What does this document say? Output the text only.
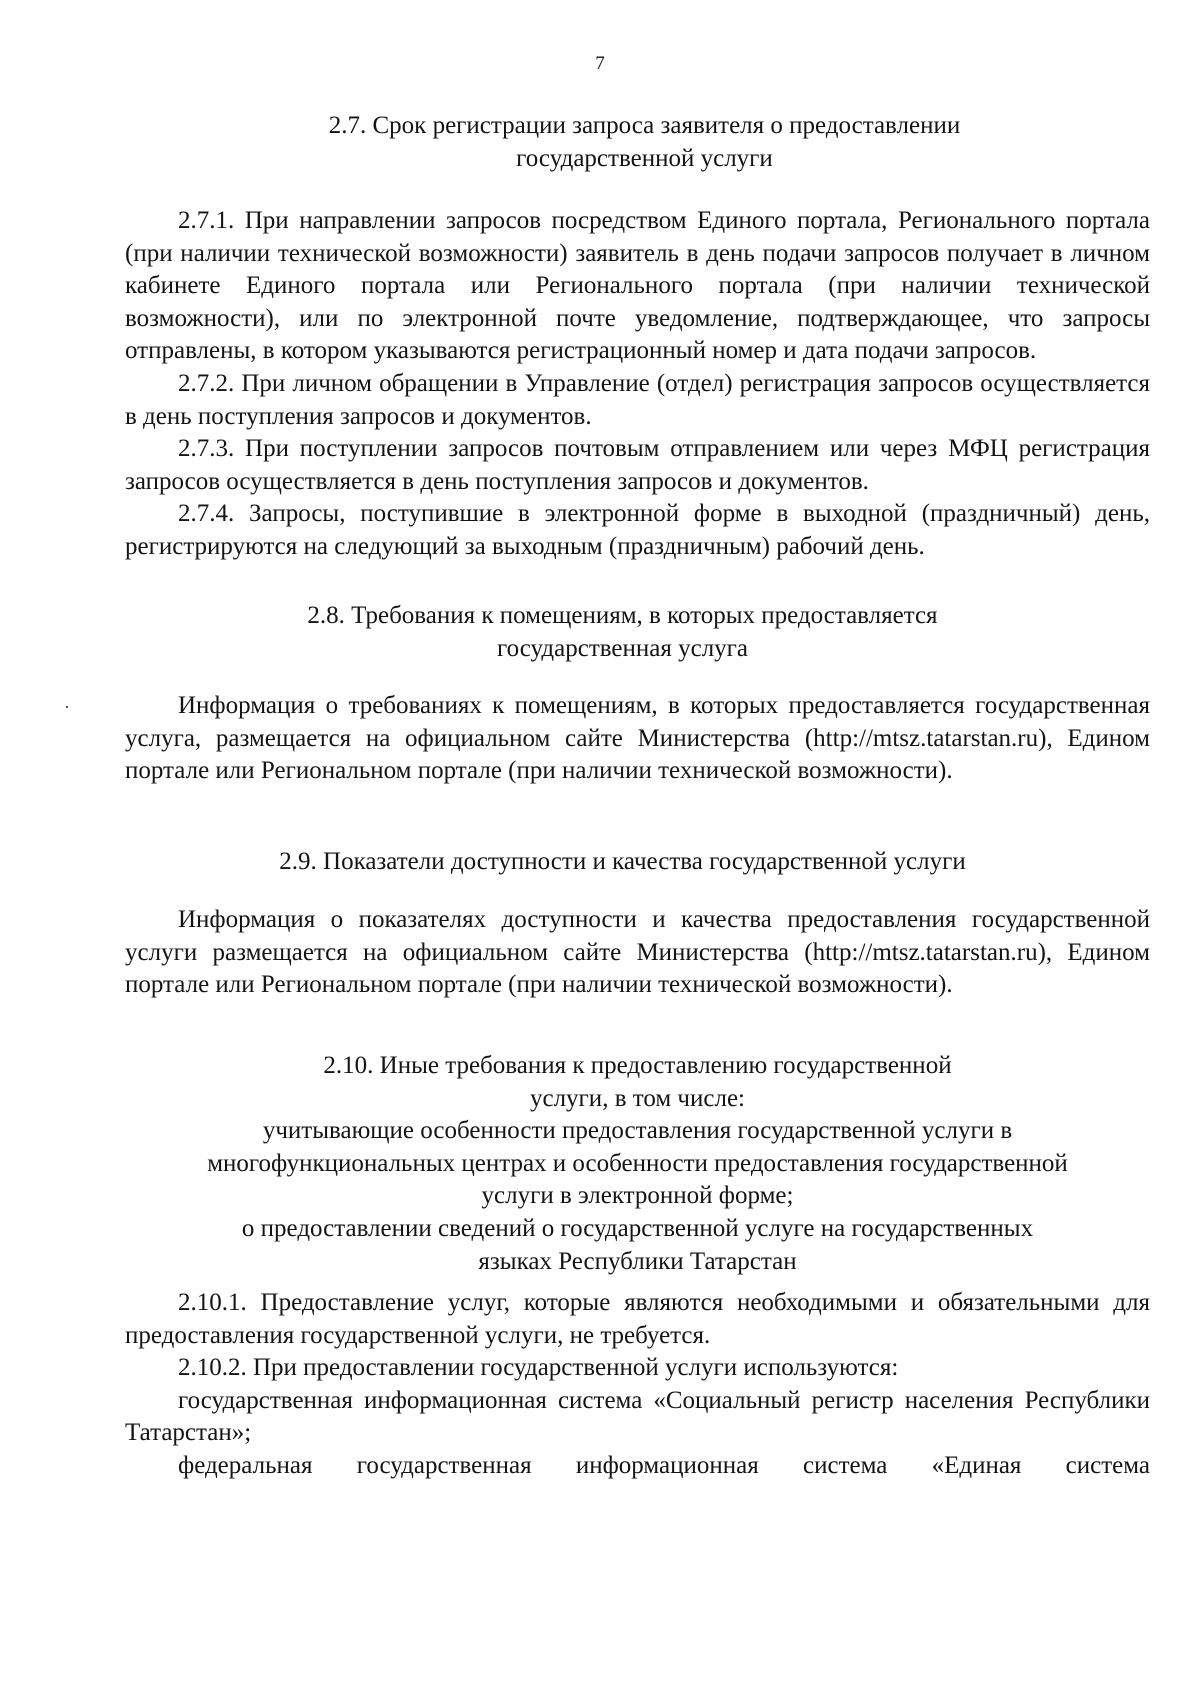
7
2.7. Срок регистрации запроса заявителя о предоставлении
государственной услуги

2.7.1. При направлении запросов посредством Единого портала, Регионального портала (при наличии технической возможности) заявитель в день подачи запросов получает в личном кабинете Единого портала или Регионального портала (при наличии технической возможности), или по электронной почте уведомление, подтверждающее, что запросы отправлены, в котором указываются регистрационный номер и дата подачи запросов.

2.7.2. При личном обращении в Управление (отдел) регистрация запросов осуществляется в день поступления запросов и документов.

2.7.3. При поступлении запросов почтовым отправлением или через МФЦ регистрация запросов осуществляется в день поступления запросов и документов.

2.7.4. Запросы, поступившие в электронной форме в выходной (праздничный) день, регистрируются на следующий за выходным (праздничным) рабочий день.

2.8. Требования к помещениям, в которых предоставляется
государственная услуга

Информация о требованиях к помещениям, в которых предоставляется государственная услуга, размещается на официальном сайте Министерства (http://mtsz.tatarstan.ru), Едином портале или Региональном портале (при наличии технической возможности).

2.9. Показатели доступности и качества государственной услуги

Информация о показателях доступности и качества предоставления государственной услуги размещается на официальном сайте Министерства (http://mtsz.tatarstan.ru), Едином портале или Региональном портале (при наличии технической возможности).

2.10. Иные требования к предоставлению государственной
услуги, в том числе:
учитывающие особенности предоставления государственной услуги в
многофункциональных центрах и особенности предоставления государственной
услуги в электронной форме;
о предоставлении сведений о государственной услуге на государственных
языках Республики Татарстан

2.10.1. Предоставление услуг, которые являются необходимыми и обязательными для предоставления государственной услуги, не требуется.

2.10.2. При предоставлении государственной услуги используются:

государственная информационная система «Социальный регистр населения Республики Татарстан»;

федеральная государственная информационная система «Единая система
